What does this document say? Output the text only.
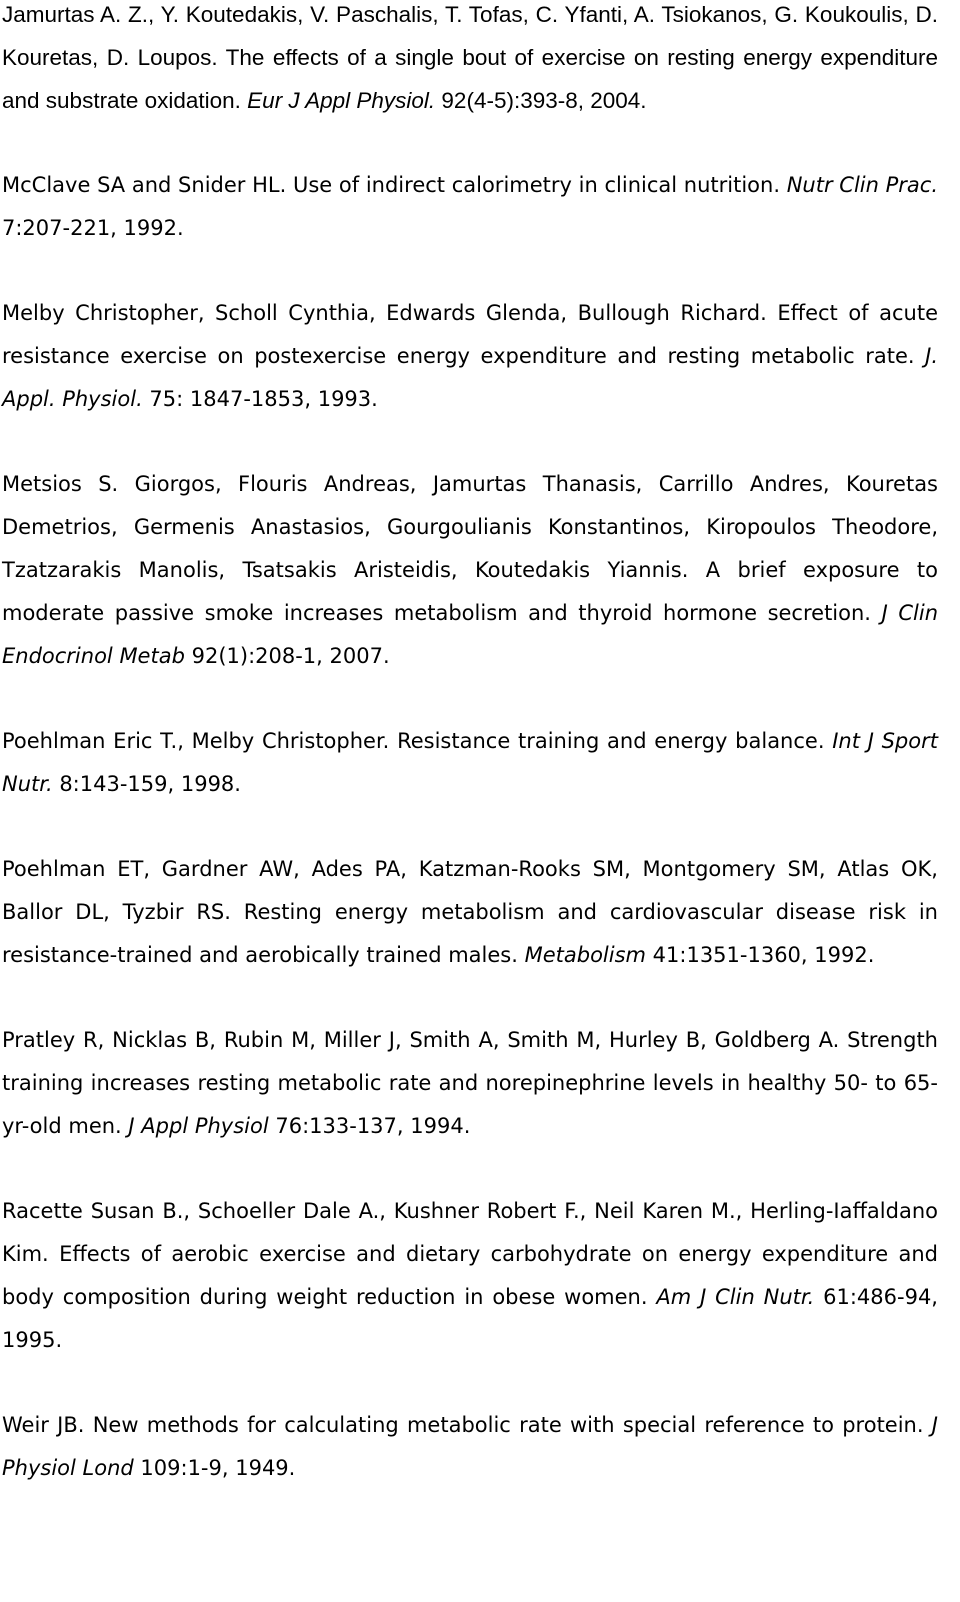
Jamurtas A. Z., Y. Koutedakis, V. Paschalis, T. Tofas, C. Yfanti, A. Tsiokanos, G. Koukoulis, D. Kouretas, D. Loupos. The effects of a single bout of exercise on resting energy expenditure and substrate oxidation. Eur J Appl Physiol. 92(4-5):393-8, 2004.

McClave SA and Snider HL. Use of indirect calorimetry in clinical nutrition. Nutr Clin Prac. 7:207-221, 1992.

Melby Christopher, Scholl Cynthia, Edwards Glenda, Bullough Richard. Effect of acute resistance exercise on postexercise energy expenditure and resting metabolic rate. J. Appl. Physiol. 75: 1847-1853, 1993.

Metsios S. Giorgos, Flouris Andreas, Jamurtas Thanasis, Carrillo Andres, Kouretas Demetrios, Germenis Anastasios, Gourgoulianis Konstantinos, Kiropoulos Theodore, Tzatzarakis Manolis, Tsatsakis Aristeidis, Koutedakis Yiannis. A brief exposure to moderate passive smoke increases metabolism and thyroid hormone secretion. J Clin Endocrinol Metab 92(1):208-1, 2007.

Poehlman Eric T., Melby Christopher. Resistance training and energy balance. Int J Sport Nutr. 8:143-159, 1998.

Poehlman ET, Gardner AW, Ades PA, Katzman-Rooks SM, Montgomery SM, Atlas OK, Ballor DL, Tyzbir RS. Resting energy metabolism and cardiovascular disease risk in resistance-trained and aerobically trained males. Metabolism 41:1351-1360, 1992.

Pratley R, Nicklas B, Rubin M, Miller J, Smith A, Smith M, Hurley B, Goldberg A. Strength training increases resting metabolic rate and norepinephrine levels in healthy 50- to 65-yr-old men. J Appl Physiol 76:133-137, 1994.

Racette Susan B., Schoeller Dale A., Kushner Robert F., Neil Karen M., Herling-Iaffaldano Kim. Effects of aerobic exercise and dietary carbohydrate on energy expenditure and body composition during weight reduction in obese women. Am J Clin Nutr. 61:486-94, 1995.

Weir JB. New methods for calculating metabolic rate with special reference to protein. J Physiol Lond 109:1-9, 1949.
